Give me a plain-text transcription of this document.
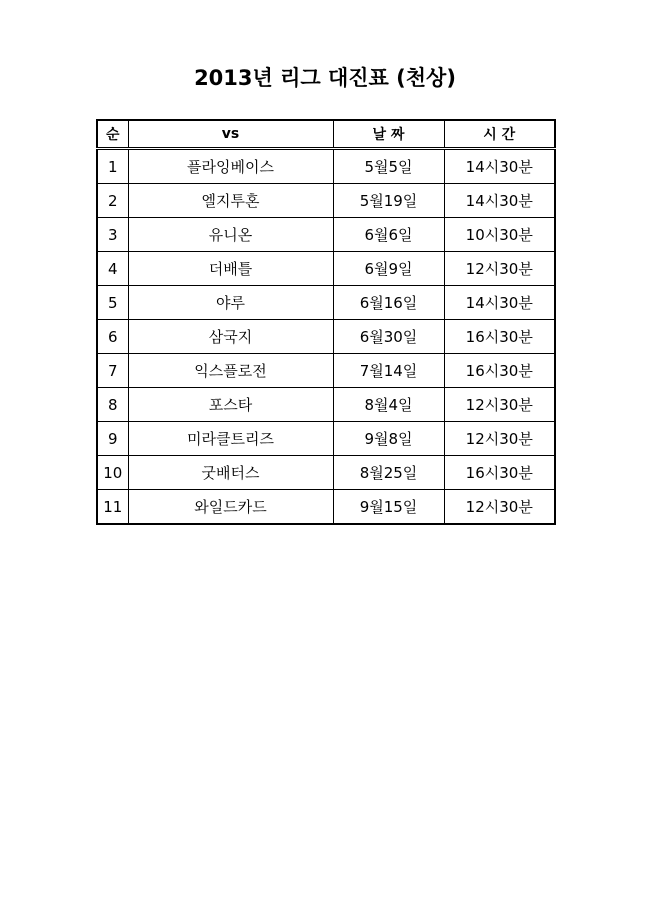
2013년 리그 대진표 (천상)
순	vs	날 짜	시 간
1	플라잉베이스	5월5일	14시30분
2	엘지투혼	5월19일	14시30분
3	유니온	6월6일	10시30분
4	더배틀	6월9일	12시30분
5	야루	6월16일	14시30분
6	삼국지	6월30일	16시30분
7	익스플로전	7월14일	16시30분
8	포스타	8월4일	12시30분
9	미라클트리즈	9월8일	12시30분
10	굿배터스	8월25일	16시30분
11	와일드카드	9월15일	12시30분
